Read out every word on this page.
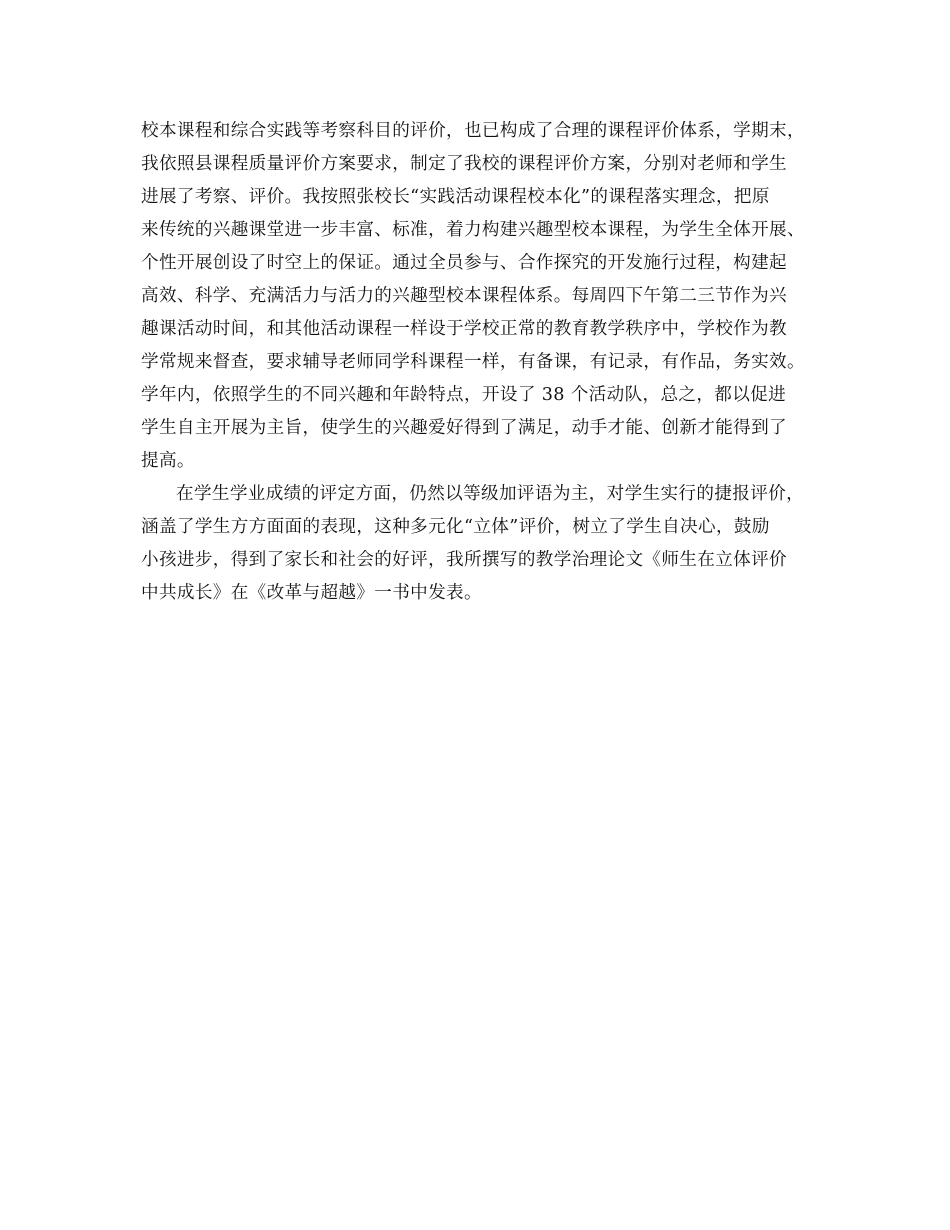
校本课程和综合实践等考察科目的评价，也已构成了合理的课程评价体系，学期末，
我依照县课程质量评价方案要求，制定了我校的课程评价方案，分别对老师和学生
进展了考察、评价。我按照张校长“实践活动课程校本化”的课程落实理念，把原
来传统的兴趣课堂进一步丰富、标准，着力构建兴趣型校本课程，为学生全体开展、
个性开展创设了时空上的保证。通过全员参与、合作探究的开发施行过程，构建起
高效、科学、充满活力与活力的兴趣型校本课程体系。每周四下午第二三节作为兴
趣课活动时间，和其他活动课程一样设于学校正常的教育教学秩序中，学校作为教
学常规来督查，要求辅导老师同学科课程一样，有备课，有记录，有作品，务实效。
学年内，依照学生的不同兴趣和年龄特点，开设了 38 个活动队，总之，都以促进
学生自主开展为主旨，使学生的兴趣爱好得到了满足，动手才能、创新才能得到了
提高。
在学生学业成绩的评定方面，仍然以等级加评语为主，对学生实行的捷报评价，
涵盖了学生方方面面的表现，这种多元化“立体”评价，树立了学生自决心，鼓励
小孩进步，得到了家长和社会的好评，我所撰写的教学治理论文《师生在立体评价
中共成长》在《改革与超越》一书中发表。
